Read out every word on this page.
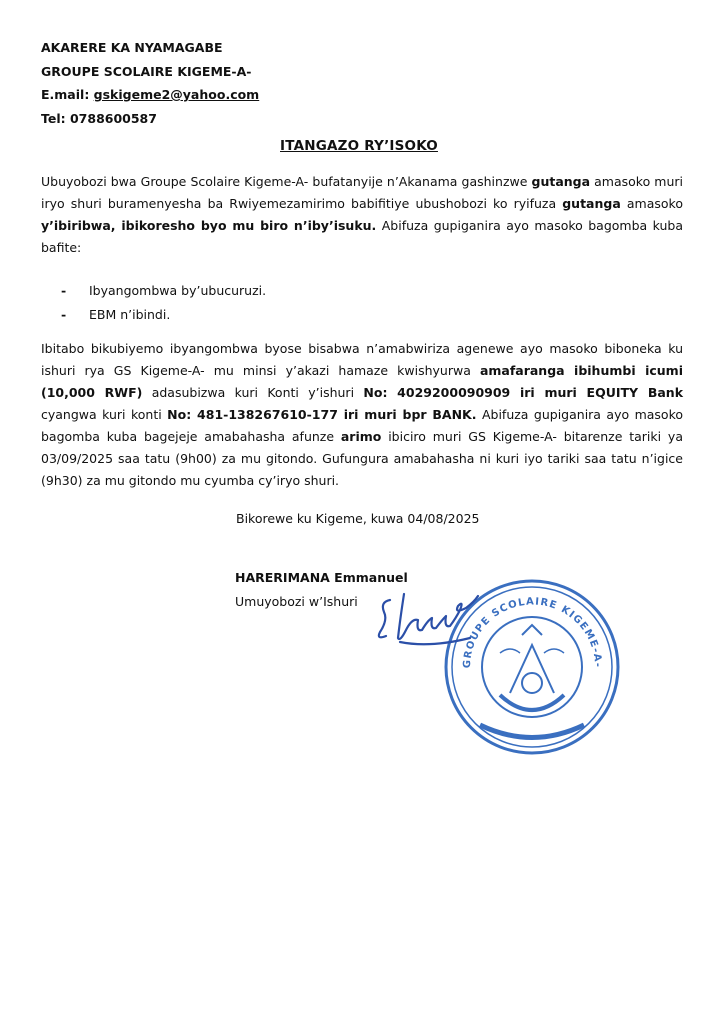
AKARERE KA NYAMAGABE
GROUPE SCOLAIRE KIGEME-A-
E.mail: gskigeme2@yahoo.com
Tel: 0788600587
ITANGAZO RY’ISOKO

Ubuyobozi bwa Groupe Scolaire Kigeme-A- bufatanyije n’Akanama gashinzwe gutanga amasoko muri iryo shuri buramenyesha ba Rwiyemezamirimo babifitiye ubushobozi ko ryifuza gutanga amasoko y’ibiribwa, ibikoresho byo mu biro n’iby’isuku. Abifuza gupiganira ayo masoko bagomba kuba bafite:

- Ibyangombwa by’ubucuruzi.
- EBM n’ibindi.

Ibitabo bikubiyemo ibyangombwa byose bisabwa n’amabwiriza agenewe ayo masoko biboneka ku ishuri rya GS Kigeme-A- mu minsi y’akazi hamaze kwishyurwa amafaranga ibihumbi icumi (10,000 RWF) adasubizwa kuri Konti y’ishuri No: 4029200090909 iri muri EQUITY Bank cyangwa kuri konti No: 481-138267610-177 iri muri bpr BANK. Abifuza gupiganira ayo masoko bagomba kuba bagejeje amabahasha afunze arimo ibiciro muri GS Kigeme-A- bitarenze tariki ya 03/09/2025 saa tatu (9h00) za mu gitondo. Gufungura amabahasha ni kuri iyo tariki saa tatu n’igice (9h30) za mu gitondo mu cyumba cy’iryo shuri.

Bikorewe ku Kigeme, kuwa 04/08/2025
HARERIMANA Emmanuel
Umuyobozi w’Ishuri
GROUPE SCOLAIRE KIGEME-A-
